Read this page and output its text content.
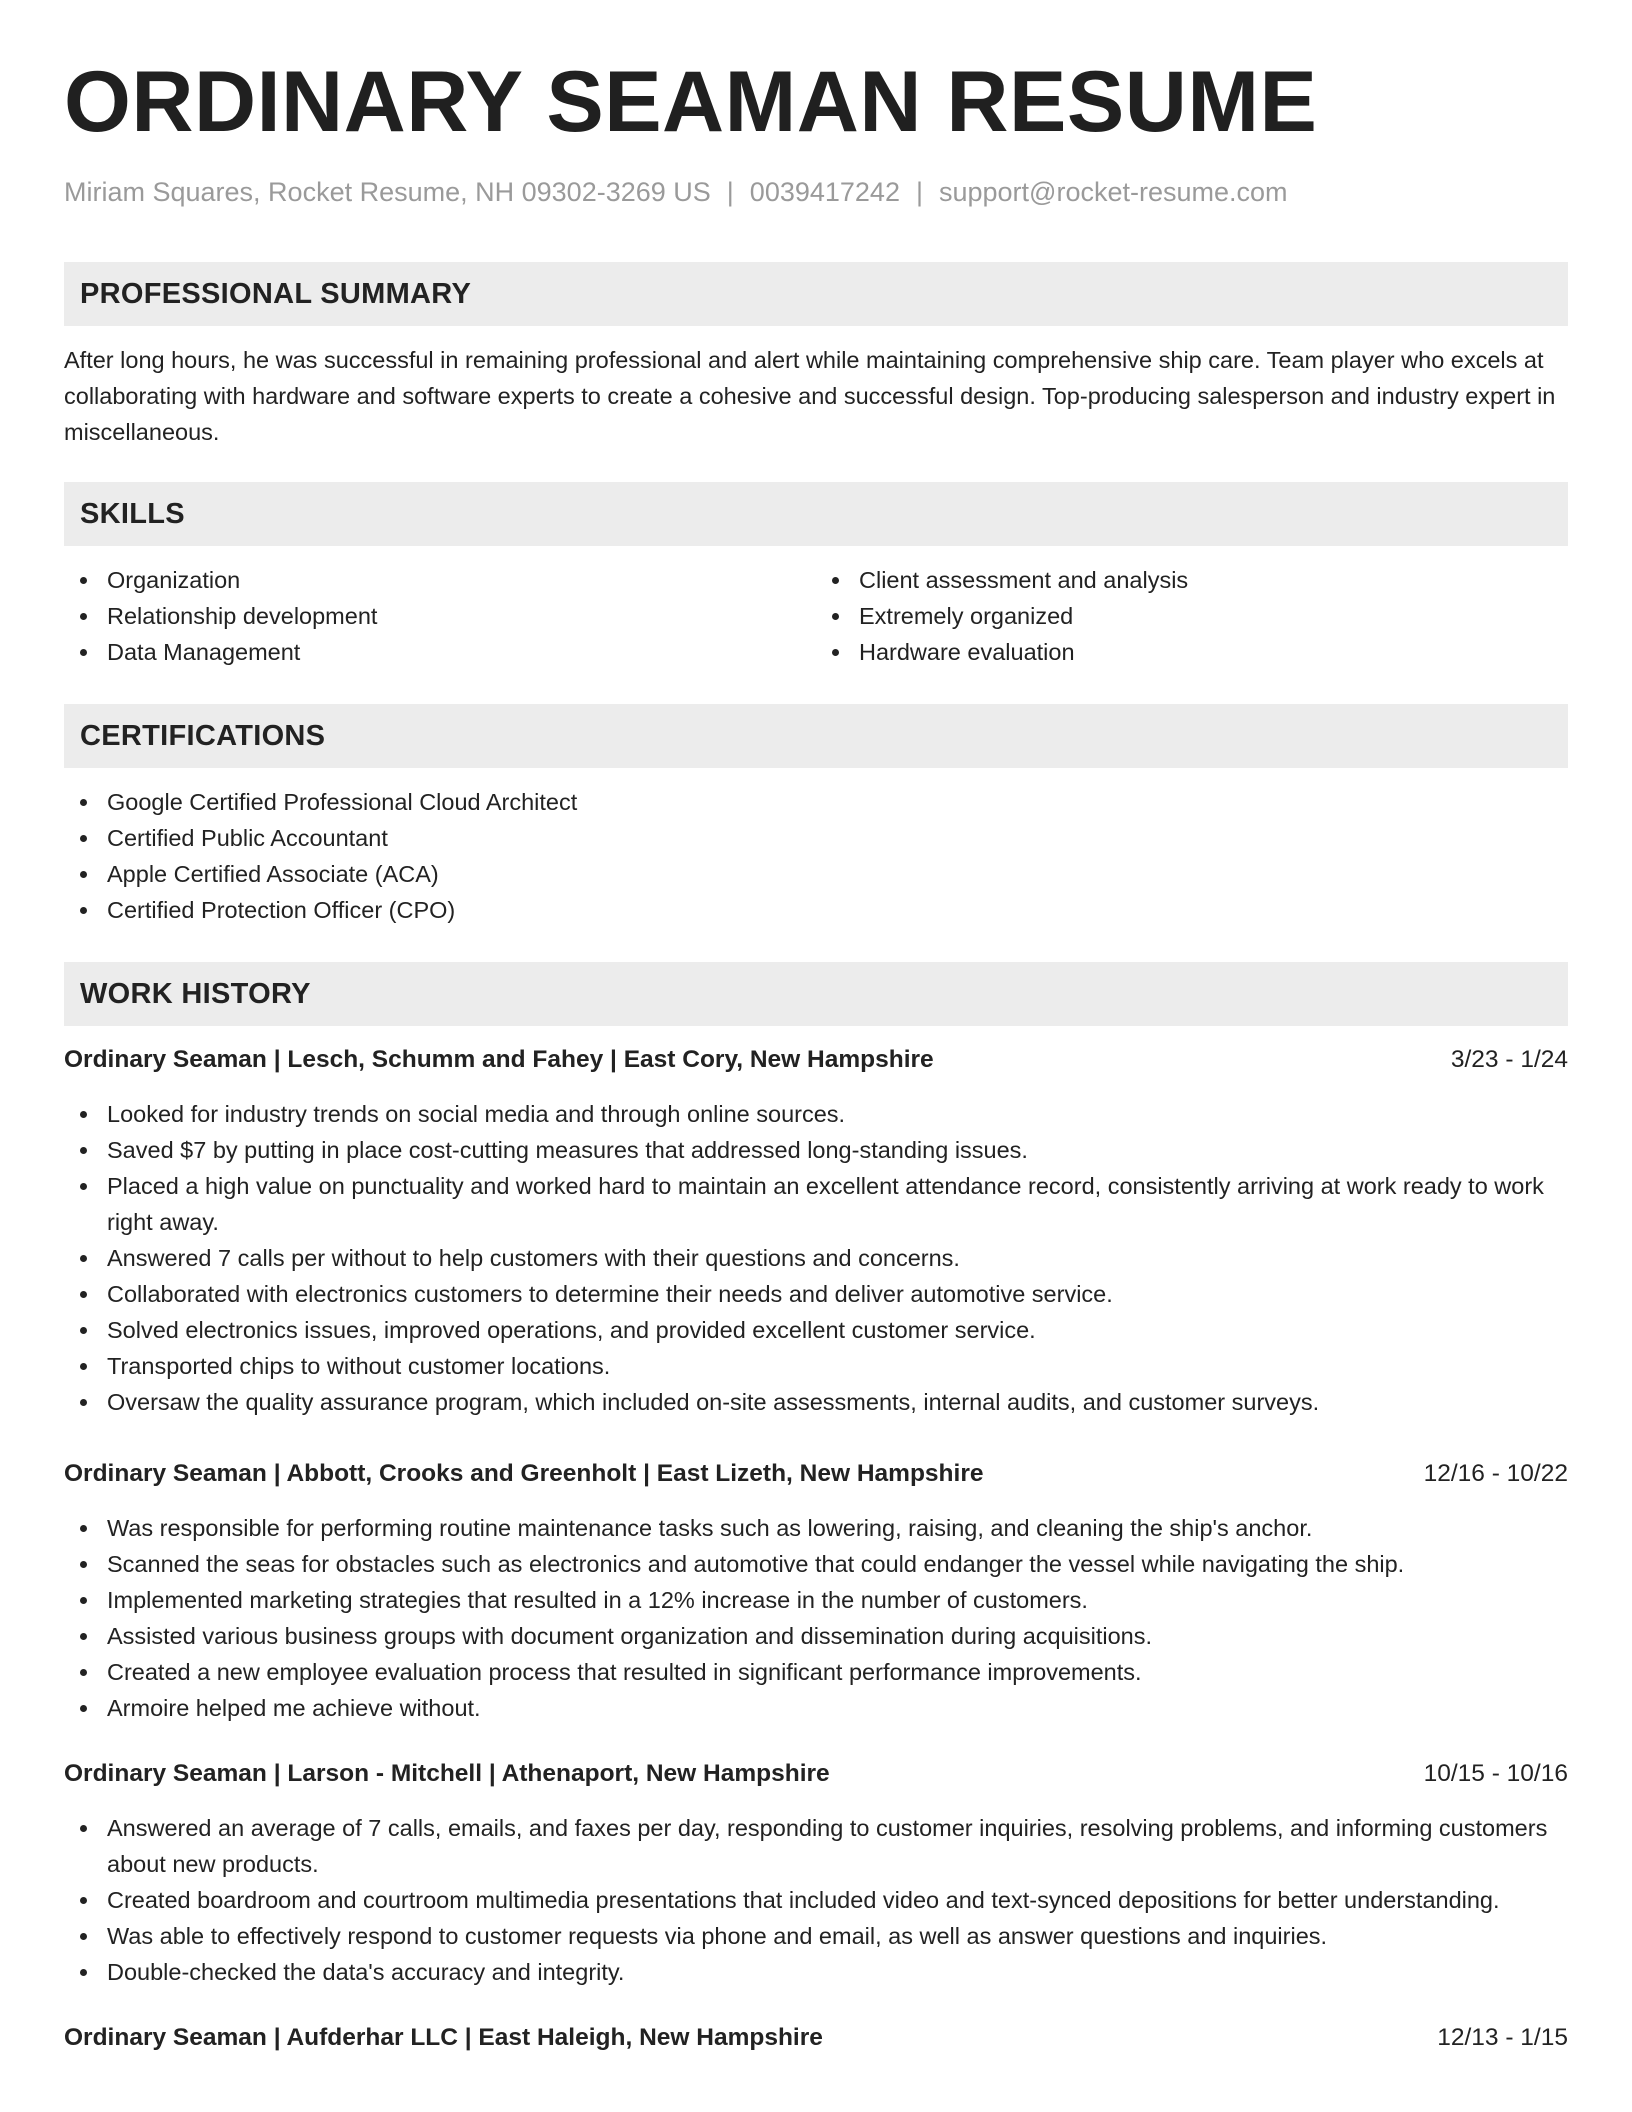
ORDINARY SEAMAN RESUME
Miriam Squares, Rocket Resume, NH 09302-3269 US | 0039417242 | support@rocket-resume.com
PROFESSIONAL SUMMARY
After long hours, he was successful in remaining professional and alert while maintaining comprehensive ship care. Team player who excels at collaborating with hardware and software experts to create a cohesive and successful design. Top-producing salesperson and industry expert in miscellaneous.
SKILLS
Organization
Relationship development
Data Management
Client assessment and analysis
Extremely organized
Hardware evaluation
CERTIFICATIONS
Google Certified Professional Cloud Architect
Certified Public Accountant
Apple Certified Associate (ACA)
Certified Protection Officer (CPO)
WORK HISTORY
Ordinary Seaman | Lesch, Schumm and Fahey | East Cory, New Hampshire	3/23 - 1/24
Looked for industry trends on social media and through online sources.
Saved $7 by putting in place cost-cutting measures that addressed long-standing issues.
Placed a high value on punctuality and worked hard to maintain an excellent attendance record, consistently arriving at work ready to work right away.
Answered 7 calls per without to help customers with their questions and concerns.
Collaborated with electronics customers to determine their needs and deliver automotive service.
Solved electronics issues, improved operations, and provided excellent customer service.
Transported chips to without customer locations.
Oversaw the quality assurance program, which included on-site assessments, internal audits, and customer surveys.
Ordinary Seaman | Abbott, Crooks and Greenholt | East Lizeth, New Hampshire	12/16 - 10/22
Was responsible for performing routine maintenance tasks such as lowering, raising, and cleaning the ship's anchor.
Scanned the seas for obstacles such as electronics and automotive that could endanger the vessel while navigating the ship.
Implemented marketing strategies that resulted in a 12% increase in the number of customers.
Assisted various business groups with document organization and dissemination during acquisitions.
Created a new employee evaluation process that resulted in significant performance improvements.
Armoire helped me achieve without.
Ordinary Seaman | Larson - Mitchell | Athenaport, New Hampshire	10/15 - 10/16
Answered an average of 7 calls, emails, and faxes per day, responding to customer inquiries, resolving problems, and informing customers about new products.
Created boardroom and courtroom multimedia presentations that included video and text-synced depositions for better understanding.
Was able to effectively respond to customer requests via phone and email, as well as answer questions and inquiries.
Double-checked the data's accuracy and integrity.
Ordinary Seaman | Aufderhar LLC | East Haleigh, New Hampshire	12/13 - 1/15
